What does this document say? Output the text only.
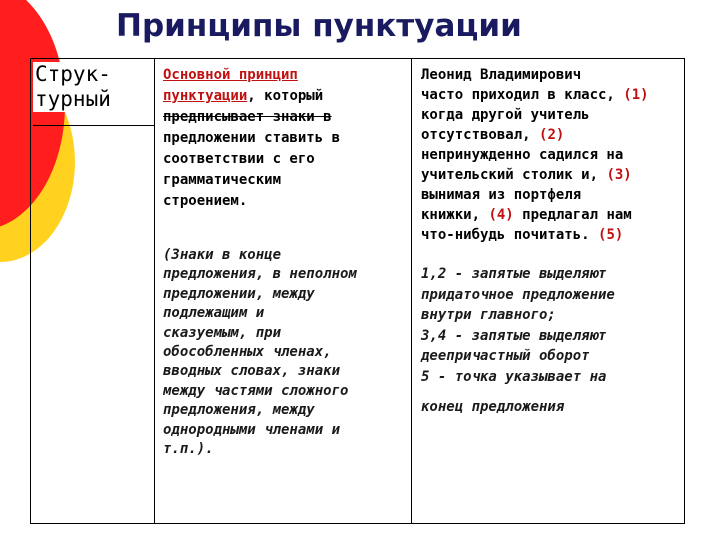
Принципы пунктуации
Струк-
турный
Основной принцип
пунктуации, который
предписывает знаки в
предложении ставить в
соответствии с его
грамматическим
строением.
Леонид Владимирович
часто приходил в класс, (1)
когда другой учитель
отсутствовал, (2)
непринужденно садился на
учительский столик и, (3)
вынимая из портфеля
книжки, (4) предлагал нам
что-нибудь почитать. (5)
(Знаки в конце
предложения, в неполном
предложении, между
подлежащим и
сказуемым, при
обособленных членах,
вводных словах, знаки
между частями сложного
предложения, между
однородными членами и
т.п.).
1,2 - запятые выделяют
придаточное предложение
внутри главного;
3,4 - запятые выделяют
деепричастный оборот
5 - точка указывает на
конец предложения
